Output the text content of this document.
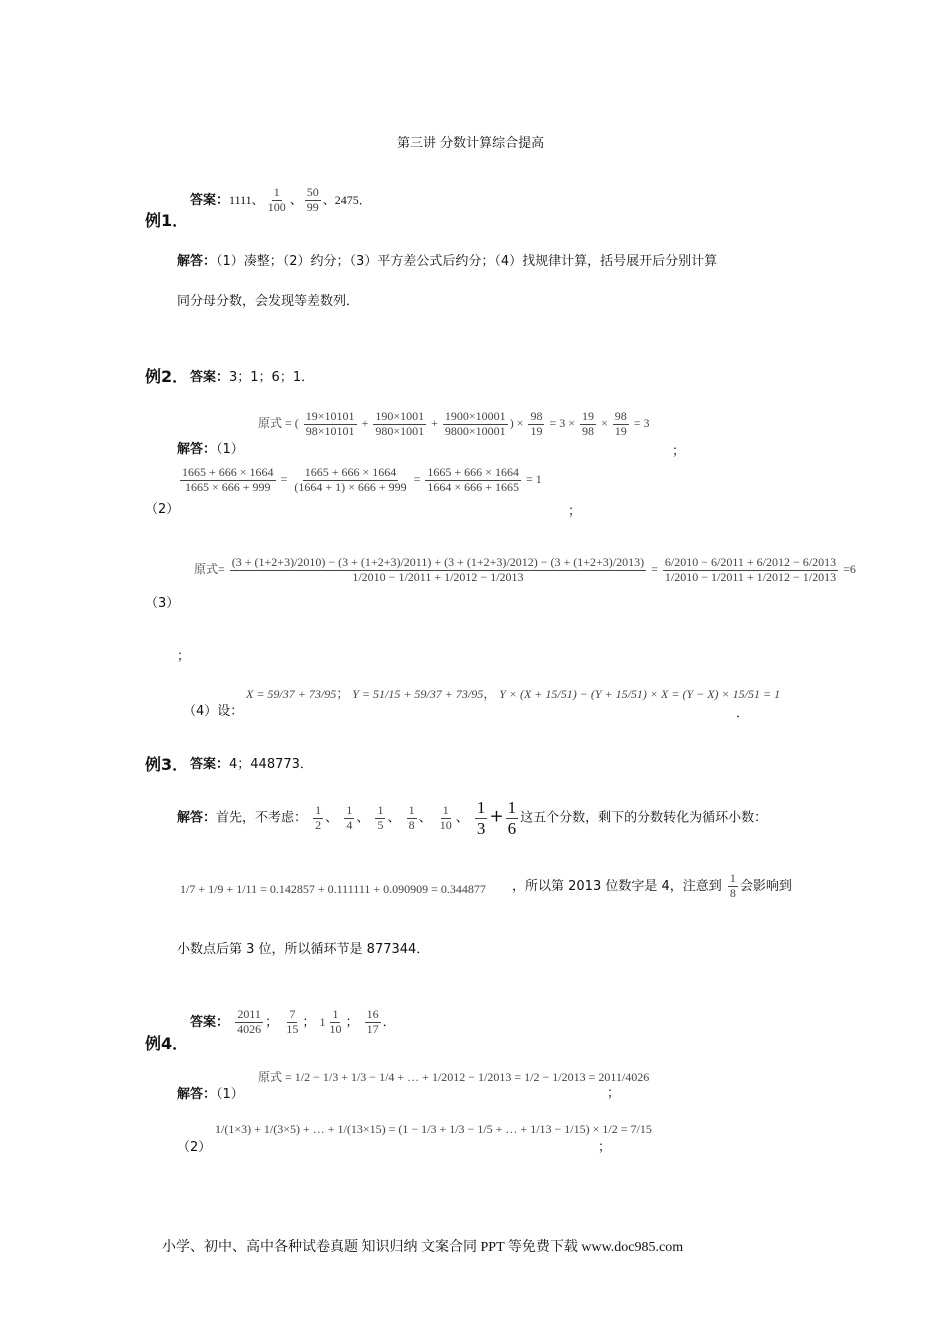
第三讲 分数计算综合提高
例1．
答案：1111、 $\frac{1}{100}$ 、 $\frac{50}{99}$ 、2475．
解答：（1）凑整；（2）约分；（3）平方差公式后约分；（4）找规律计算，括号展开后分别计算
同分母分数，会发现等差数列．
例2． 答案：3；1；6；1．
解答：（1）
原式 = ( $\frac{19\times 10101}{98\times 10101} + \frac{190\times 1001}{980\times 1001} + \frac{1900\times 10001}{9800\times 10001}$ ) × $\frac{98}{19} = 3 \times \frac{19}{98} \times \frac{98}{19} = 3$
；
（2）
$\frac{1665 + 666 \times 1664}{1665 \times 666 + 999} = \frac{1665 + 666 \times 1664}{(1664 + 1) \times 666 + 999} = \frac{1665 + 666 \times 1664}{1664 \times 666 + 1665} = 1$
；
（3）
原式=
(3 + (1+2+3)/2010) − (3 + (1+2+3)/2011) + (3 + (1+2+3)/2012) − (3 + (1+2+3)/2013)
1/2010 − 1/2011 + 1/2012 − 1/2013
= $\frac{6/2010 - 6/2011 + 6/2012 - 6/2013}{1/2010 - 1/2011 + 1/2012 - 1/2013} =6$
；
（4）设：
X = 59/37 + 73/95； Y = 51/15 + 59/37 + 73/95， Y × (X + 15/51) − (Y + 15/51) × X = (Y − X) × 15/51 = 1
．
例3． 答案：4；448773．
解答：首先，不考虑： $\frac{1}{2}$ 、 $\frac{1}{4}$ 、 $\frac{1}{5}$ 、 $\frac{1}{8}$ 、 $\frac{1}{10}$ 、 $\frac{1}{3} + \frac{1}{6}$ 这五个分数，剩下的分数转化为循环小数：
1/7 + 1/9 + 1/11 = 0.142857 + 0.111111 + 0.090909 = 0.344877 ，所以第 2013 位数字是 4，注意到 $\frac{1}{8}$ 会影响到
小数点后第 3 位，所以循环节是 877344．
例4．
答案： $\frac{2011}{4026}$ ； $\frac{7}{15}$ ； $1 \frac{1}{10}$ ； $\frac{16}{17}$ ．
解答：（1）
原式 = 1/2 − 1/3 + 1/3 − 1/4 + … + 1/2012 − 1/2013 = 1/2 − 1/2013 = 2011/4026
；
（2）
1/(1×3) + 1/(3×5) + … + 1/(13×15) = (1 − 1/3 + 1/3 − 1/5 + … + 1/13 − 1/15) × 1/2 = 7/15
；
小学、初中、高中各种试卷真题 知识归纳 文案合同 PPT 等免费下载 www.doc985.com
